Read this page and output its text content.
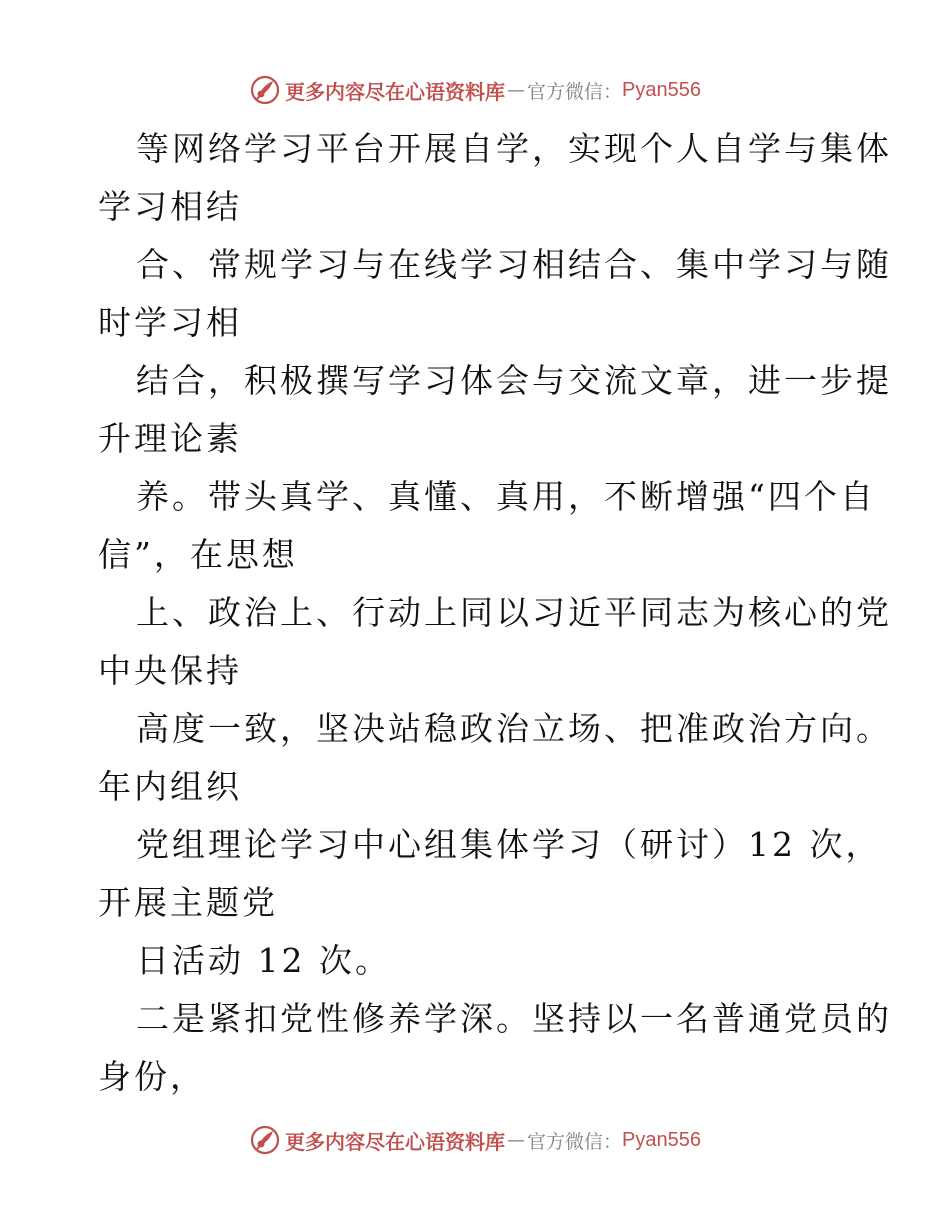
更多内容尽在心语资料库 — 官方微信： Pyan556
等网络学习平台开展自学，实现个人自学与集体
学习相结
合、常规学习与在线学习相结合、集中学习与随
时学习相
结合，积极撰写学习体会与交流文章，进一步提
升理论素
养。带头真学、真懂、真用，不断增强“四个自
信”，在思想
上、政治上、行动上同以习近平同志为核心的党
中央保持
高度一致，坚决站稳政治立场、把准政治方向。
年内组织
党组理论学习中心组集体学习（研讨）12 次，
开展主题党
日活动 12 次。
二是紧扣党性修养学深。坚持以一名普通党员的
身份，
更多内容尽在心语资料库 — 官方微信： Pyan556
